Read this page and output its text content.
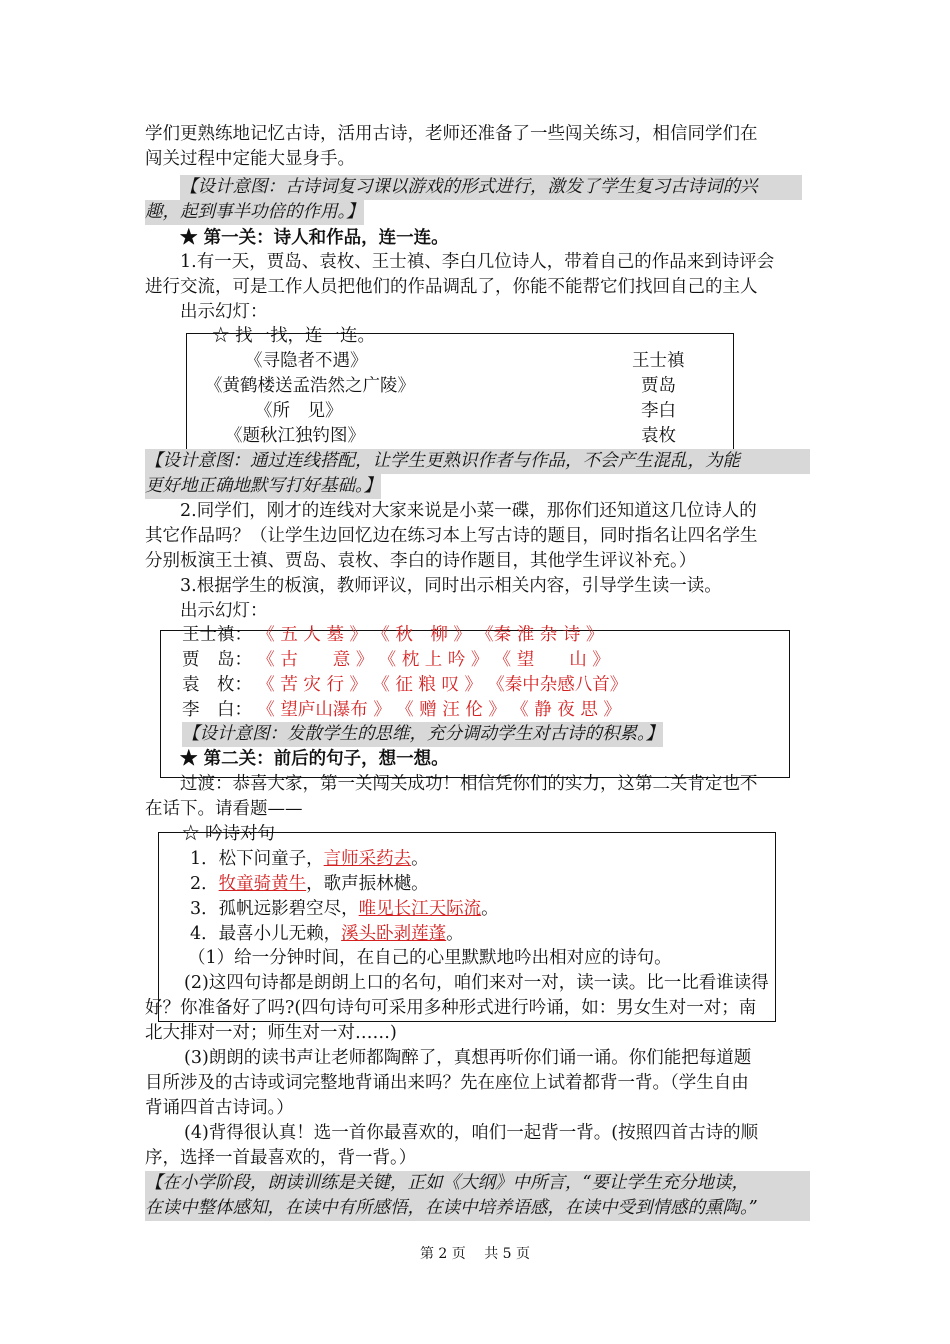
学们更熟练地记忆古诗，活用古诗，老师还准备了一些闯关练习，相信同学们在
闯关过程中定能大显身手。
【设计意图：古诗词复习课以游戏的形式进行，激发了学生复习古诗词的兴
趣，起到事半功倍的作用。】
★ 第一关：诗人和作品，连一连。
1.有一天，贾岛、袁枚、王士禛、李白几位诗人，带着自己的作品来到诗评会
进行交流，可是工作人员把他们的作品调乱了，你能不能帮它们找回自己的主人
出示幻灯：
☆ 找一找，连一连。
《寻隐者不遇》
《黄鹤楼送孟浩然之广陵》
《所　见》
《题秋江独钓图》
王士禛
贾岛
李白
袁枚
【设计意图：通过连线搭配，让学生更熟识作者与作品，不会产生混乱，为能
更好地正确地默写打好基础。】
2.同学们，刚才的连线对大家来说是小菜一碟，那你们还知道这几位诗人的
其它作品吗？（让学生边回忆边在练习本上写古诗的题目，同时指名让四名学生
分别板演王士禛、贾岛、袁枚、李白的诗作题目，其他学生评议补充。）
3.根据学生的板演，教师评议，同时出示相关内容，引导学生读一读。
出示幻灯：
王士禛： 《 五 人 墓 》 《 秋　柳 》 《秦 淮 杂 诗 》
贾　岛： 《 古　　意 》 《 枕 上 吟 》 《 望　　山 》
袁　枚： 《 苦 灾 行 》 《 征 粮 叹 》 《秦中杂感八首》
李　白： 《 望庐山瀑布 》 《 赠 汪 伦 》 《 静 夜 思 》
【设计意图：发散学生的思维，充分调动学生对古诗的积累。】
★ 第二关：前后的句子，想一想。
过渡：恭喜大家，第一关闯关成功！相信凭你们的实力，这第二关肯定也不
在话下。请看题——
☆ 吟诗对句
1．松下问童子，言师采药去。
2．牧童骑黄牛，歌声振林樾。
3．孤帆远影碧空尽，唯见长江天际流。
4．最喜小儿无赖，溪头卧剥莲蓬。
（1）给一分钟时间，在自己的心里默默地吟出相对应的诗句。
(2)这四句诗都是朗朗上口的名句，咱们来对一对，读一读。比一比看谁读得
好？你准备好了吗?(四句诗句可采用多种形式进行吟诵，如：男女生对一对；南
北大排对一对；师生对一对……)
(3)朗朗的读书声让老师都陶醉了，真想再听你们诵一诵。你们能把每道题
目所涉及的古诗或词完整地背诵出来吗？先在座位上试着都背一背。（学生自由
背诵四首古诗词。）
(4)背得很认真！选一首你最喜欢的，咱们一起背一背。(按照四首古诗的顺
序，选择一首最喜欢的，背一背。）
【在小学阶段，朗读训练是关键，正如《大纲》中所言，“要让学生充分地读，
在读中整体感知，在读中有所感悟，在读中培养语感，在读中受到情感的熏陶。”
第 2 页　 共 5 页
